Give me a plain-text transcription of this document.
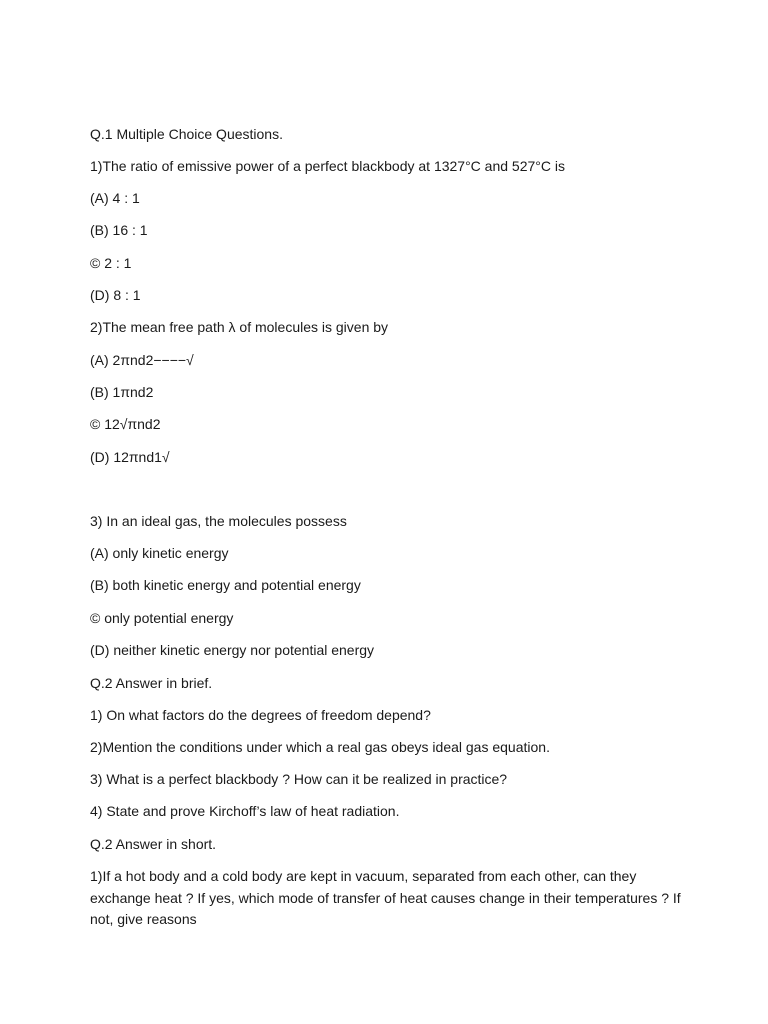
Q.1 Multiple Choice Questions.
1)The ratio of emissive power of a perfect blackbody at 1327°C and 527°C is
(A) 4 : 1
(B) 16 : 1
© 2 : 1
(D) 8 : 1
2)The mean free path λ of molecules is given by
(A) 2πnd2−−−−√
(B) 1πnd2
© 12√πnd2
(D) 12πnd1√
3) In an ideal gas, the molecules possess
(A) only kinetic energy
(B) both kinetic energy and potential energy
© only potential energy
(D) neither kinetic energy nor potential energy
Q.2 Answer in brief.
1) On what factors do the degrees of freedom depend?
2)Mention the conditions under which a real gas obeys ideal gas equation.
3) What is a perfect blackbody ? How can it be realized in practice?
4) State and prove Kirchoff’s law of heat radiation.
Q.2 Answer in short.
1)If a hot body and a cold body are kept in vacuum, separated from each other, can they exchange heat ? If yes, which mode of transfer of heat causes change in their temperatures ? If not, give reasons
